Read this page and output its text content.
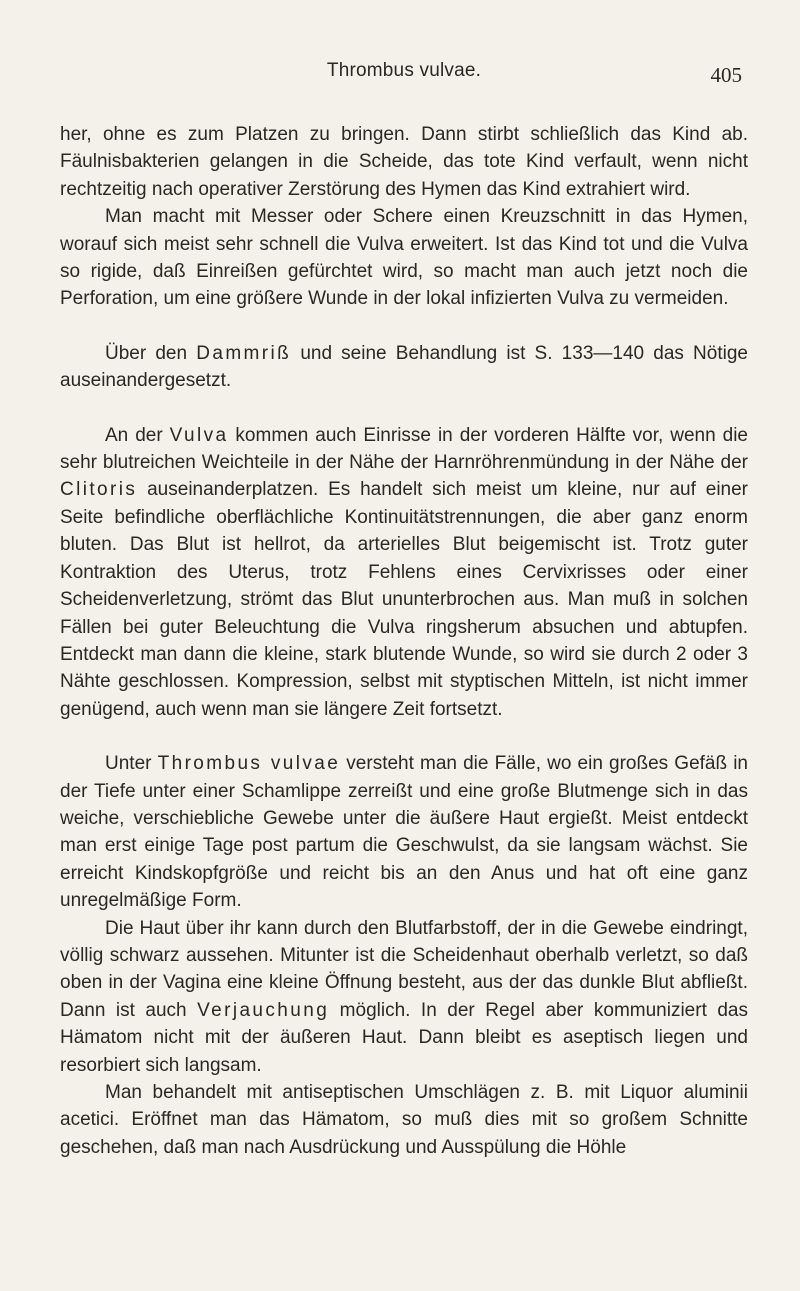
Thrombus vulvae.	405

her, ohne es zum Platzen zu bringen. Dann stirbt schließlich das Kind ab. Fäulnisbakterien gelangen in die Scheide, das tote Kind verfault, wenn nicht rechtzeitig nach operativer Zerstörung des Hymen das Kind extrahiert wird.

Man macht mit Messer oder Schere einen Kreuzschnitt in das Hymen, worauf sich meist sehr schnell die Vulva erweitert. Ist das Kind tot und die Vulva so rigide, daß Einreißen gefürchtet wird, so macht man auch jetzt noch die Perforation, um eine größere Wunde in der lokal infizierten Vulva zu vermeiden.

Über den Dammriß und seine Behandlung ist S. 133—140 das Nötige auseinandergesetzt.

An der Vulva kommen auch Einrisse in der vorderen Hälfte vor, wenn die sehr blutreichen Weichteile in der Nähe der Harnröhrenmündung in der Nähe der Clitoris auseinanderplatzen. Es handelt sich meist um kleine, nur auf einer Seite befindliche oberflächliche Kontinuitätstrennungen, die aber ganz enorm bluten. Das Blut ist hellrot, da arterielles Blut beigemischt ist. Trotz guter Kontraktion des Uterus, trotz Fehlens eines Cervixrisses oder einer Scheidenverletzung, strömt das Blut ununterbrochen aus. Man muß in solchen Fällen bei guter Beleuchtung die Vulva ringsherum absuchen und abtupfen. Entdeckt man dann die kleine, stark blutende Wunde, so wird sie durch 2 oder 3 Nähte geschlossen. Kompression, selbst mit styptischen Mitteln, ist nicht immer genügend, auch wenn man sie längere Zeit fortsetzt.

Unter Thrombus vulvae versteht man die Fälle, wo ein großes Gefäß in der Tiefe unter einer Schamlippe zerreißt und eine große Blutmenge sich in das weiche, verschiebliche Gewebe unter die äußere Haut ergießt. Meist entdeckt man erst einige Tage post partum die Geschwulst, da sie langsam wächst. Sie erreicht Kindskopfgröße und reicht bis an den Anus und hat oft eine ganz unregelmäßige Form.

Die Haut über ihr kann durch den Blutfarbstoff, der in die Gewebe eindringt, völlig schwarz aussehen. Mitunter ist die Scheidenhaut oberhalb verletzt, so daß oben in der Vagina eine kleine Öffnung besteht, aus der das dunkle Blut abfließt. Dann ist auch Verjauchung möglich. In der Regel aber kommuniziert das Hämatom nicht mit der äußeren Haut. Dann bleibt es aseptisch liegen und resorbiert sich langsam.

Man behandelt mit antiseptischen Umschlägen z. B. mit Liquor aluminii acetici. Eröffnet man das Hämatom, so muß dies mit so großem Schnitte geschehen, daß man nach Ausdrückung und Ausspülung die Höhle
